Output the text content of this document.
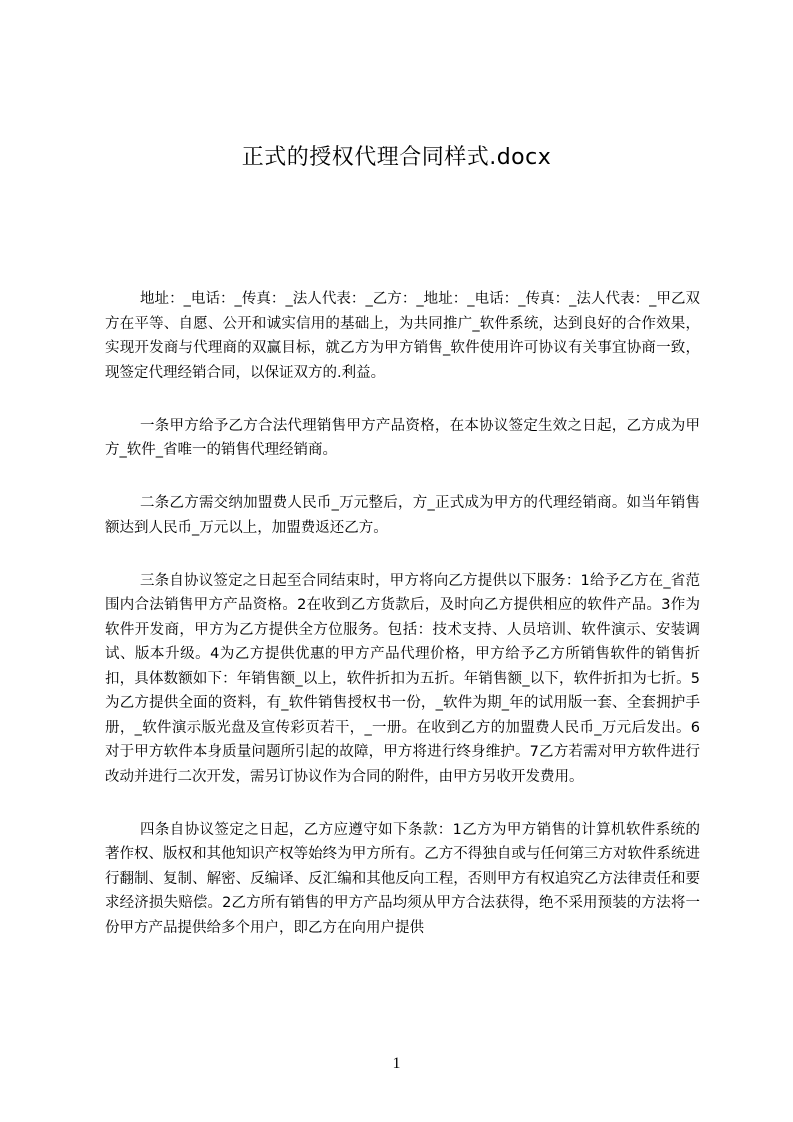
正式的授权代理合同样式.docx

地址：_电话：_传真：_法人代表：_乙方：_地址：_电话：_传真：_法人代表：_甲乙双方在平等、自愿、公开和诚实信用的基础上，为共同推广_软件系统，达到良好的合作效果，实现开发商与代理商的双赢目标，就乙方为甲方销售_软件使用许可协议有关事宜协商一致，现签定代理经销合同，以保证双方的.利益。

一条甲方给予乙方合法代理销售甲方产品资格，在本协议签定生效之日起，乙方成为甲方_软件_省唯一的销售代理经销商。

二条乙方需交纳加盟费人民币_万元整后，方_正式成为甲方的代理经销商。如当年销售额达到人民币_万元以上，加盟费返还乙方。

三条自协议签定之日起至合同结束时，甲方将向乙方提供以下服务：1给予乙方在_省范围内合法销售甲方产品资格。2在收到乙方货款后，及时向乙方提供相应的软件产品。3作为软件开发商，甲方为乙方提供全方位服务。包括：技术支持、人员培训、软件演示、安装调试、版本升级。4为乙方提供优惠的甲方产品代理价格，甲方给予乙方所销售软件的销售折扣，具体数额如下：年销售额_以上，软件折扣为五折。年销售额_以下，软件折扣为七折。5为乙方提供全面的资料，有_软件销售授权书一份，_软件为期_年的试用版一套、全套拥护手册，_软件演示版光盘及宣传彩页若干，_一册。在收到乙方的加盟费人民币_万元后发出。6对于甲方软件本身质量问题所引起的故障，甲方将进行终身维护。7乙方若需对甲方软件进行改动并进行二次开发，需另订协议作为合同的附件，由甲方另收开发费用。

四条自协议签定之日起，乙方应遵守如下条款：1乙方为甲方销售的计算机软件系统的著作权、版权和其他知识产权等始终为甲方所有。乙方不得独自或与任何第三方对软件系统进行翻制、复制、解密、反编译、反汇编和其他反向工程，否则甲方有权追究乙方法律责任和要求经济损失赔偿。2乙方所有销售的甲方产品均须从甲方合法获得，绝不采用预装的方法将一份甲方产品提供给多个用户，即乙方在向用户提供

1
